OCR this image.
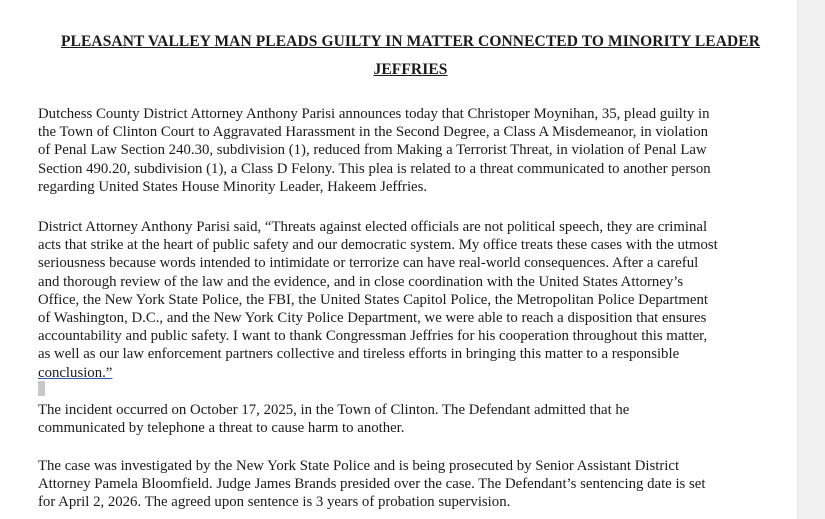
PLEASANT VALLEY MAN PLEADS GUILTY IN MATTER CONNECTED TO MINORITY LEADER
JEFFRIES
Dutchess County District Attorney Anthony Parisi announces today that Christoper Moynihan, 35, plead guilty in
the Town of Clinton Court to Aggravated Harassment in the Second Degree, a Class A Misdemeanor, in violation
of Penal Law Section 240.30, subdivision (1), reduced from Making a Terrorist Threat, in violation of Penal Law
Section 490.20, subdivision (1), a Class D Felony. This plea is related to a threat communicated to another person
regarding United States House Minority Leader, Hakeem Jeffries.
District Attorney Anthony Parisi said, “Threats against elected officials are not political speech, they are criminal
acts that strike at the heart of public safety and our democratic system. My office treats these cases with the utmost
seriousness because words intended to intimidate or terrorize can have real-world consequences. After a careful
and thorough review of the law and the evidence, and in close coordination with the United States Attorney’s
Office, the New York State Police, the FBI, the United States Capitol Police, the Metropolitan Police Department
of Washington, D.C., and the New York City Police Department, we were able to reach a disposition that ensures
accountability and public safety. I want to thank Congressman Jeffries for his cooperation throughout this matter,
as well as our law enforcement partners collective and tireless efforts in bringing this matter to a responsible
conclusion.”
The incident occurred on October 17, 2025, in the Town of Clinton. The Defendant admitted that he
communicated by telephone a threat to cause harm to another.
The case was investigated by the New York State Police and is being prosecuted by Senior Assistant District
Attorney Pamela Bloomfield. Judge James Brands presided over the case. The Defendant’s sentencing date is set
for April 2, 2026. The agreed upon sentence is 3 years of probation supervision.
